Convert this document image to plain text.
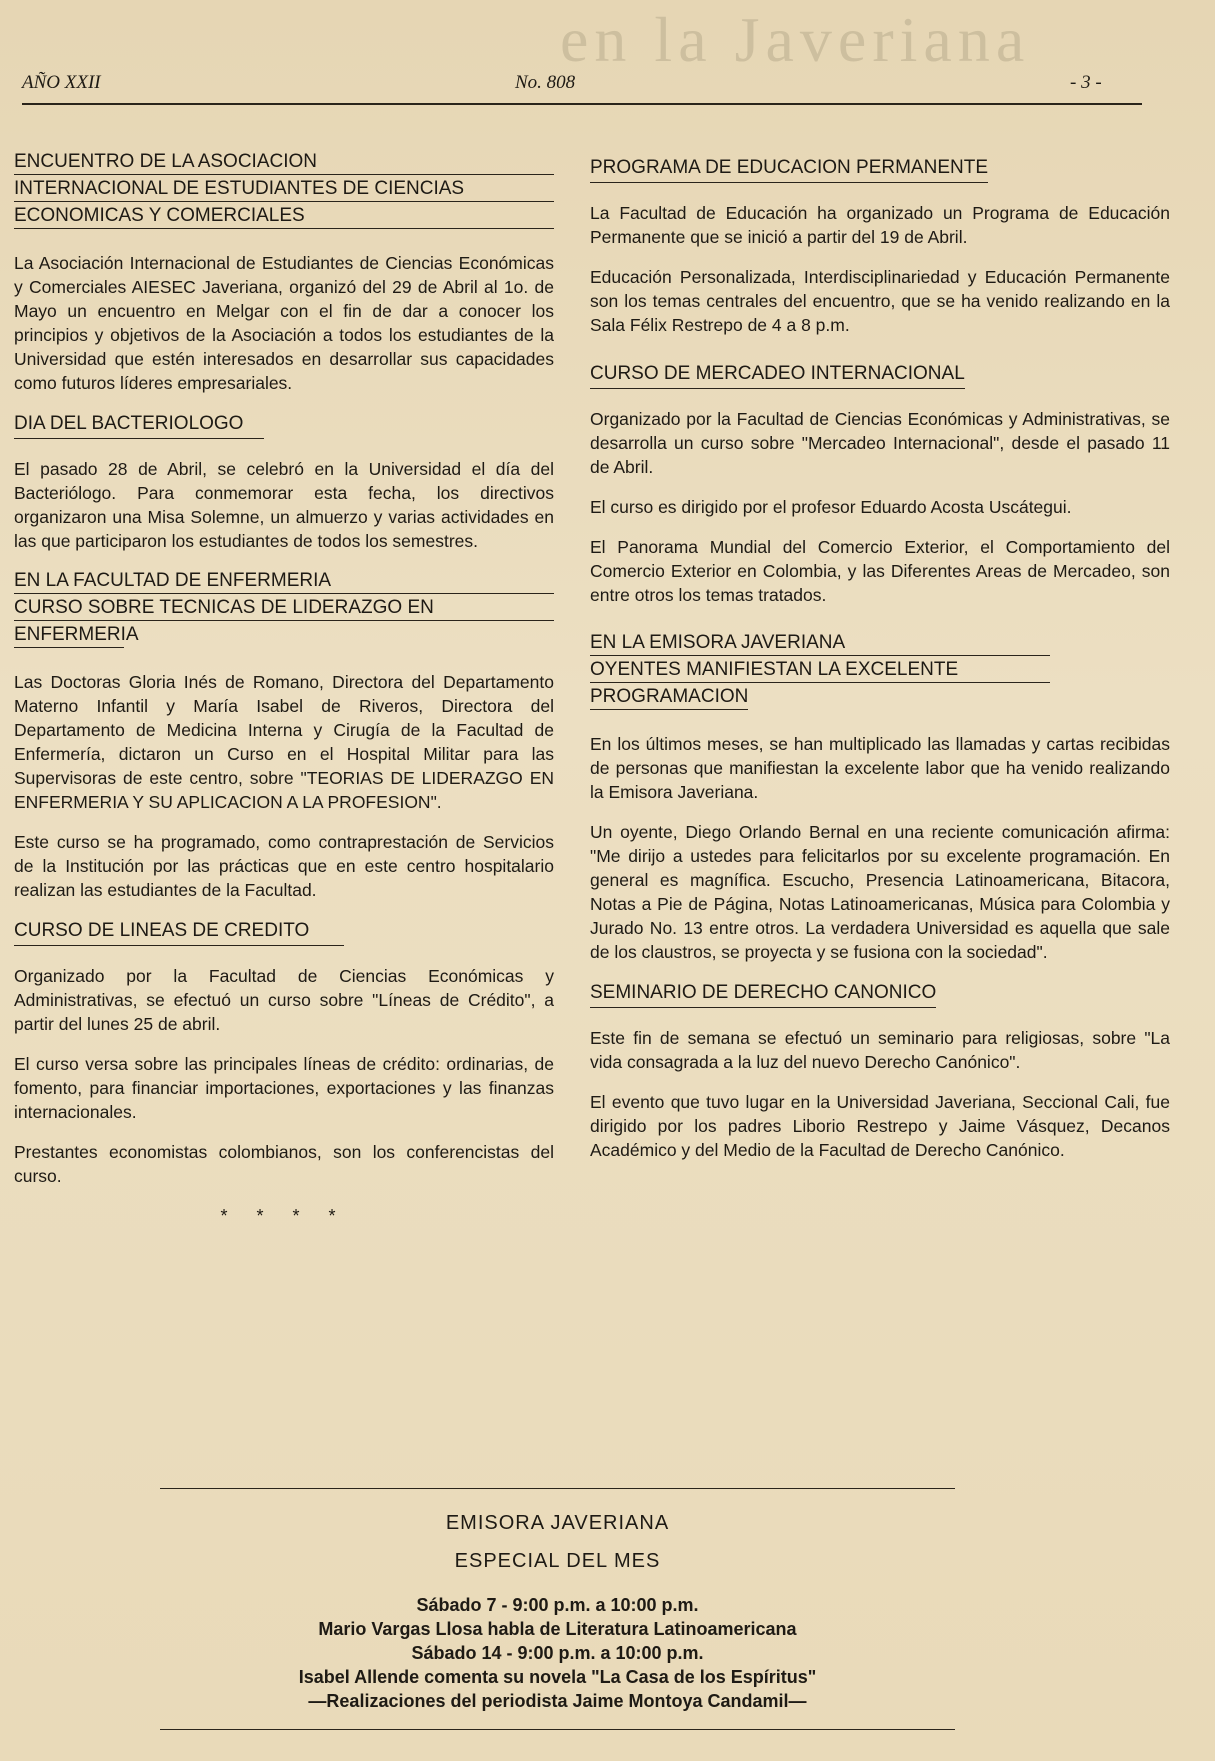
en la Javeriana
AÑO XXII	No. 808	- 3 -
ENCUENTRO DE LA ASOCIACION
INTERNACIONAL DE ESTUDIANTES DE CIENCIAS
ECONOMICAS Y COMERCIALES

La Asociación Internacional de Estudiantes de Ciencias Económicas y Comerciales AIESEC Javeriana, organizó del 29 de Abril al 1o. de Mayo un encuentro en Melgar con el fin de dar a conocer los principios y objetivos de la Asociación a todos los estudiantes de la Universidad que estén interesados en desarrollar sus capacidades como futuros líderes empresariales.

DIA DEL BACTERIOLOGO

El pasado 28 de Abril, se celebró en la Universidad el día del Bacteriólogo. Para conmemorar esta fecha, los directivos organizaron una Misa Solemne, un almuerzo y varias actividades en las que participaron los estudiantes de todos los semestres.

EN LA FACULTAD DE ENFERMERIA
CURSO SOBRE TECNICAS DE LIDERAZGO EN
ENFERMERIA

Las Doctoras Gloria Inés de Romano, Directora del Departamento Materno Infantil y María Isabel de Riveros, Directora del Departamento de Medicina Interna y Cirugía de la Facultad de Enfermería, dictaron un Curso en el Hospital Militar para las Supervisoras de este centro, sobre "TEORIAS DE LIDERAZGO EN ENFERMERIA Y SU APLICACION A LA PROFESION".

Este curso se ha programado, como contraprestación de Servicios de la Institución por las prácticas que en este centro hospitalario realizan las estudiantes de la Facultad.

CURSO DE LINEAS DE CREDITO

Organizado por la Facultad de Ciencias Económicas y Administrativas, se efectuó un curso sobre "Líneas de Crédito", a partir del lunes 25 de abril.

El curso versa sobre las principales líneas de crédito: ordinarias, de fomento, para financiar importaciones, exportaciones y las finanzas internacionales.

Prestantes economistas colombianos, son los conferencistas del curso.

* * * *
PROGRAMA DE EDUCACION PERMANENTE

La Facultad de Educación ha organizado un Programa de Educación Permanente que se inició a partir del 19 de Abril.

Educación Personalizada, Interdisciplinariedad y Educación Permanente son los temas centrales del encuentro, que se ha venido realizando en la Sala Félix Restrepo de 4 a 8 p.m.

CURSO DE MERCADEO INTERNACIONAL

Organizado por la Facultad de Ciencias Económicas y Administrativas, se desarrolla un curso sobre "Mercadeo Internacional", desde el pasado 11 de Abril.

El curso es dirigido por el profesor Eduardo Acosta Uscátegui.

El Panorama Mundial del Comercio Exterior, el Comportamiento del Comercio Exterior en Colombia, y las Diferentes Areas de Mercadeo, son entre otros los temas tratados.

EN LA EMISORA JAVERIANA
OYENTES MANIFIESTAN LA EXCELENTE
PROGRAMACION

En los últimos meses, se han multiplicado las llamadas y cartas recibidas de personas que manifiestan la excelente labor que ha venido realizando la Emisora Javeriana.

Un oyente, Diego Orlando Bernal en una reciente comunicación afirma: "Me dirijo a ustedes para felicitarlos por su excelente programación. En general es magnífica. Escucho, Presencia Latinoamericana, Bitacora, Notas a Pie de Página, Notas Latinoamericanas, Música para Colombia y Jurado No. 13 entre otros. La verdadera Universidad es aquella que sale de los claustros, se proyecta y se fusiona con la sociedad".

SEMINARIO DE DERECHO CANONICO

Este fin de semana se efectuó un seminario para religiosas, sobre "La vida consagrada a la luz del nuevo Derecho Canónico".

El evento que tuvo lugar en la Universidad Javeriana, Seccional Cali, fue dirigido por los padres Liborio Restrepo y Jaime Vásquez, Decanos Académico y del Medio de la Facultad de Derecho Canónico.

EMISORA JAVERIANA
ESPECIAL DEL MES
Sábado 7 - 9:00 p.m. a 10:00 p.m.
Mario Vargas Llosa habla de Literatura Latinoamericana
Sábado 14 - 9:00 p.m. a 10:00 p.m.
Isabel Allende comenta su novela "La Casa de los Espíritus"
—Realizaciones del periodista Jaime Montoya Candamil—
